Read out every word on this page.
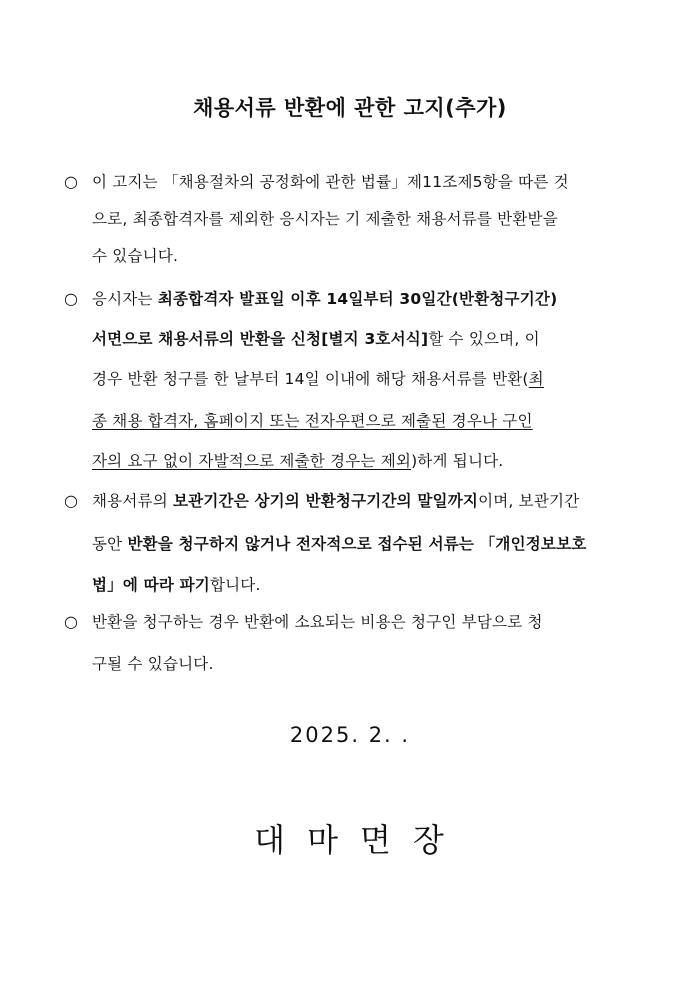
채용서류 반환에 관한 고지(추가)
○ 이 고지는 「채용절차의 공정화에 관한 법률」제11조제5항을 따른 것
으로, 최종합격자를 제외한 응시자는 기 제출한 채용서류를 반환받을
수 있습니다.
○ 응시자는 최종합격자 발표일 이후 14일부터 30일간(반환청구기간)
서면으로 채용서류의 반환을 신청[별지 3호서식]할 수 있으며, 이
경우 반환 청구를 한 날부터 14일 이내에 해당 채용서류를 반환(최
종 채용 합격자, 홈페이지 또는 전자우편으로 제출된 경우나 구인
자의 요구 없이 자발적으로 제출한 경우는 제외)하게 됩니다.
○ 채용서류의 보관기간은 상기의 반환청구기간의 말일까지이며, 보관기간
동안 반환을 청구하지 않거나 전자적으로 접수된 서류는 「개인정보보호
법」에 따라 파기합니다.
○ 반환을 청구하는 경우 반환에 소요되는 비용은 청구인 부담으로 청
구될 수 있습니다.
2025. 2. .
대마면장
